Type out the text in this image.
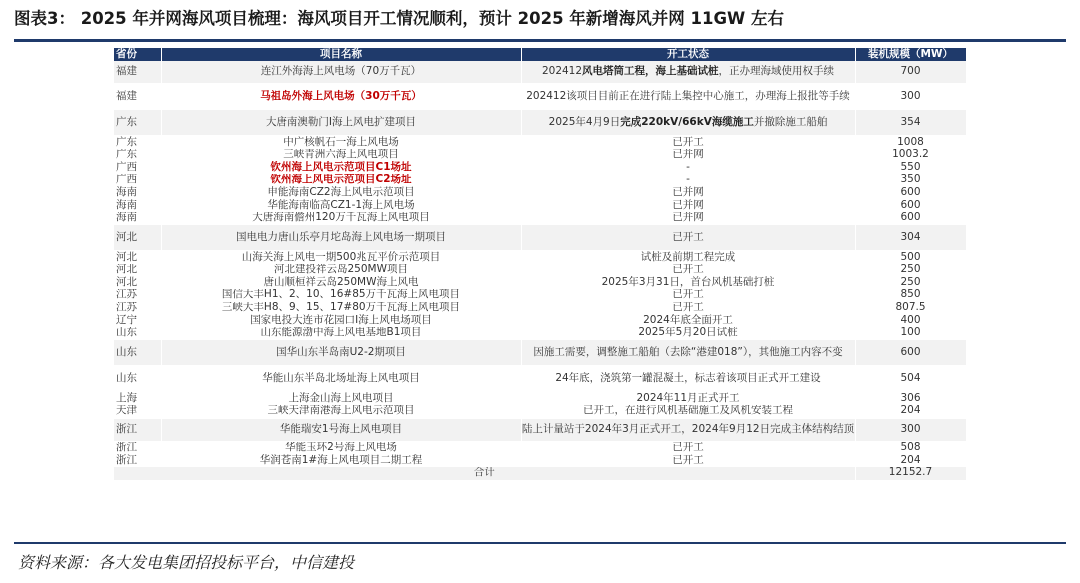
图表3： 2025 年并网海风项目梳理：海风项目开工情况顺利，预计 2025 年新增海风并网 11GW 左右
省份	项目名称	开工状态	装机规模（MW）
福建	连江外海海上风电场（70万千瓦）	202412风电塔筒工程，海上基础试桩，正办理海域使用权手续	700
福建	马祖岛外海上风电场（30万千瓦）	202412该项目目前正在进行陆上集控中心施工，办理海上报批等手续	300
广东	大唐南澳勒门I海上风电扩建项目	2025年4月9日完成220kV/66kV海缆施工并撤除施工船舶	354
广东	中广核帆石一海上风电场	已开工	1008
广东	三峡青洲六海上风电项目	已并网	1003.2
广西	钦州海上风电示范项目C1场址	-	550
广西	钦州海上风电示范项目C2场址	-	350
海南	申能海南CZ2海上风电示范项目	已并网	600
海南	华能海南临高CZ1-1海上风电场	已并网	600
海南	大唐海南儋州120万千瓦海上风电项目	已并网	600
河北	国电电力唐山乐亭月坨岛海上风电场一期项目	已开工	304
河北	山海关海上风电一期500兆瓦平价示范项目	试桩及前期工程完成	500
河北	河北建投祥云岛250MW项目	已开工	250
河北	唐山顺桓祥云岛250MW海上风电	2025年3月31日，首台风机基础打桩	250
江苏	国信大丰H1、2、10、16#85万千瓦海上风电项目	已开工	850
江苏	三峡大丰H8、9、15、17#80万千瓦海上风电项目	已开工	807.5
辽宁	国家电投大连市花园口Ⅰ海上风电场项目	2024年底全面开工	400
山东	山东能源渤中海上风电基地B1项目	2025年5月20日试桩	100
山东	国华山东半岛南U2-2期项目	因施工需要，调整施工船舶（去除“港建018”），其他施工内容不变	600
山东	华能山东半岛北场址海上风电项目	24年底，浇筑第一罐混凝土，标志着该项目正式开工建设	504
上海	上海金山海上风电项目	2024年11月正式开工	306
天津	三峡天津南港海上风电示范项目	已开工，在进行风机基础施工及风机安装工程	204
浙江	华能瑞安1号海上风电项目	陆上计量站于2024年3月正式开工，2024年9月12日完成主体结构结顶	300
浙江	华能玉环2号海上风电场	已开工	508
浙江	华润苍南1#海上风电项目二期工程	已开工	204
合计			12152.7
资料来源：各大发电集团招投标平台，中信建投
